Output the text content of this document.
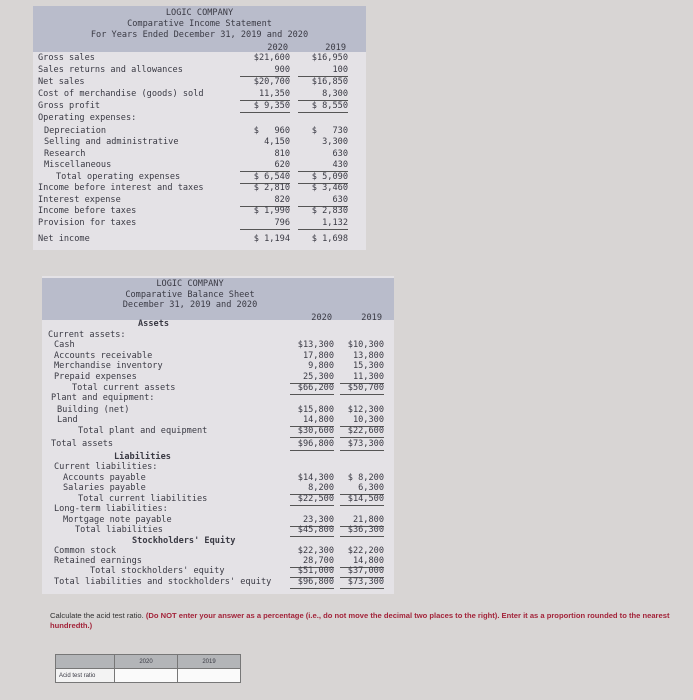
LOGIC COMPANY
Comparative Income Statement
For Years Ended December 31, 2019 and 2020
2020	2019
Gross sales	$21,600	$16,950
Sales returns and allowances	900	100
Net sales	$20,700	$16,850
Cost of merchandise (goods) sold	11,350	8,300
Gross profit	$ 9,350	$ 8,550
Operating expenses:
Depreciation	$   960	$   730
Selling and administrative	4,150	3,300
Research	810	630
Miscellaneous	620	430
Total operating expenses	$ 6,540	$ 5,090
Income before interest and taxes	$ 2,810	$ 3,460
Interest expense	820	630
Income before taxes	$ 1,990	$ 2,830
Provision for taxes	796	1,132
Net income	$ 1,194	$ 1,698
LOGIC COMPANY
Comparative Balance Sheet
December 31, 2019 and 2020
2020	2019
Assets
Current assets:
Cash	$13,300	$10,300
Accounts receivable	17,800	13,800
Merchandise inventory	9,800	15,300
Prepaid expenses	25,300	11,300
Total current assets	$66,200	$50,700
Plant and equipment:
Building (net)	$15,800	$12,300
Land	14,800	10,300
Total plant and equipment	$30,600	$22,600
Total assets	$96,800	$73,300
Liabilities
Current liabilities:
Accounts payable	$14,300	$ 8,200
Salaries payable	8,200	6,300
Total current liabilities	$22,500	$14,500
Long-term liabilities:
Mortgage note payable	23,300	21,800
Total liabilities	$45,800	$36,300
Stockholders' Equity
Common stock	$22,300	$22,200
Retained earnings	28,700	14,800
Total stockholders' equity	$51,000	$37,000
Total liabilities and stockholders' equity	$96,800	$73,300
Calculate the acid test ratio. (Do NOT enter your answer as a percentage (i.e., do not move the decimal two places to the right). Enter it as a proportion rounded to the nearest hundredth.)
	2020	2019
Acid test ratio		
